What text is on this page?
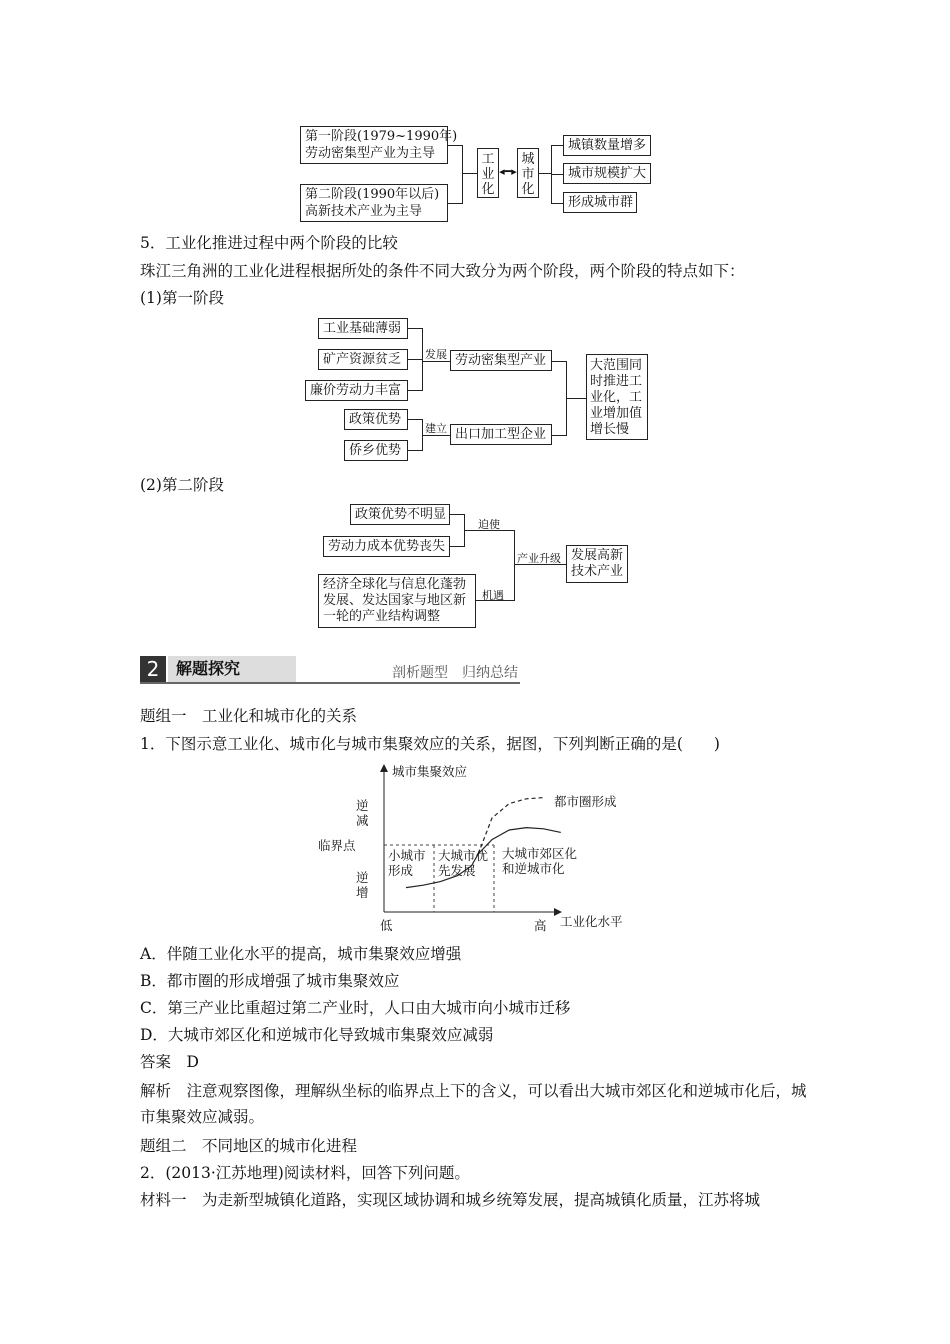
第一阶段(1979~1990年)
劳动密集型产业为主导
第二阶段(1990年以后)
高新技术产业为主导
工
业
化
◂━▸
城
市
化
城镇数量增多
城市规模扩大
形成城市群
5．工业化推进过程中两个阶段的比较
珠江三角洲的工业化进程根据所处的条件不同大致分为两个阶段，两个阶段的特点如下：
(1)第一阶段
工业基础薄弱
矿产资源贫乏
廉价劳动力丰富
发展 劳动密集型产业
政策优势
侨乡优势
建立 出口加工型企业
大范围同
时推进工
业化，工
业增加值
增长慢
(2)第二阶段
政策优势不明显
劳动力成本优势丧失
迫使
经济全球化与信息化蓬勃
发展、发达国家与地区新
一轮的产业结构调整
机遇
产业升级 发展高新
技术产业
2	解题探究	剖析题型　归纳总结
题组一　工业化和城市化的关系
1．下图示意工业化、城市化与城市集聚效应的关系，据图，下列判断正确的是(　　)
城市集聚效应
逆减
临界点
逆增
小城市
形成
大城市优
先发展
大城市郊区化
和逆城市化
都市圈形成
低	高 工业化水平
A．伴随工业化水平的提高，城市集聚效应增强
B．都市圈的形成增强了城市集聚效应
C．第三产业比重超过第二产业时，人口由大城市向小城市迁移
D．大城市郊区化和逆城市化导致城市集聚效应减弱
答案　D
解析　注意观察图像，理解纵坐标的临界点上下的含义，可以看出大城市郊区化和逆城市化后，城市集聚效应减弱。
题组二　不同地区的城市化进程
2．(2013·江苏地理)阅读材料，回答下列问题。
材料一　为走新型城镇化道路，实现区域协调和城乡统筹发展，提高城镇化质量，江苏将城
